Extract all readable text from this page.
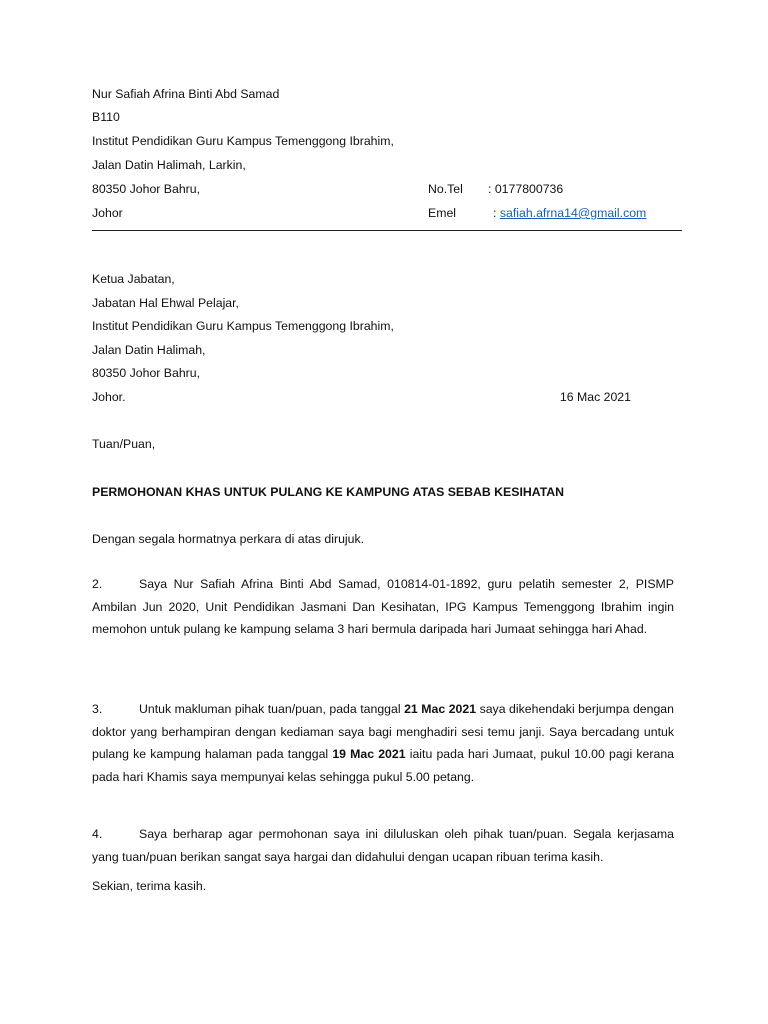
Nur Safiah Afrina Binti Abd Samad
B110
Institut Pendidikan Guru Kampus Temenggong Ibrahim,
Jalan Datin Halimah, Larkin,
80350 Johor Bahru,
Johor
No.Tel : 0177800736
Emel	: safiah.afrna14@gmail.com
Ketua Jabatan,
Jabatan Hal Ehwal Pelajar,
Institut Pendidikan Guru Kampus Temenggong Ibrahim,
Jalan Datin Halimah,
80350 Johor Bahru,
Johor.	16 Mac 2021
Tuan/Puan,
PERMOHONAN KHAS UNTUK PULANG KE KAMPUNG ATAS SEBAB KESIHATAN
Dengan segala hormatnya perkara di atas dirujuk.
2.	Saya Nur Safiah Afrina Binti Abd Samad, 010814-01-1892, guru pelatih semester 2, PISMP Ambilan Jun 2020, Unit Pendidikan Jasmani Dan Kesihatan, IPG Kampus Temenggong Ibrahim ingin memohon untuk pulang ke kampung selama 3 hari bermula daripada hari Jumaat sehingga hari Ahad.
3.	Untuk makluman pihak tuan/puan, pada tanggal 21 Mac 2021 saya dikehendaki berjumpa dengan doktor yang berhampiran dengan kediaman saya bagi menghadiri sesi temu janji. Saya bercadang untuk pulang ke kampung halaman pada tanggal 19 Mac 2021 iaitu pada hari Jumaat, pukul 10.00 pagi kerana pada hari Khamis saya mempunyai kelas sehingga pukul 5.00 petang.
4.	Saya berharap agar permohonan saya ini diluluskan oleh pihak tuan/puan. Segala kerjasama yang tuan/puan berikan sangat saya hargai dan didahului dengan ucapan ribuan terima kasih.
Sekian, terima kasih.
